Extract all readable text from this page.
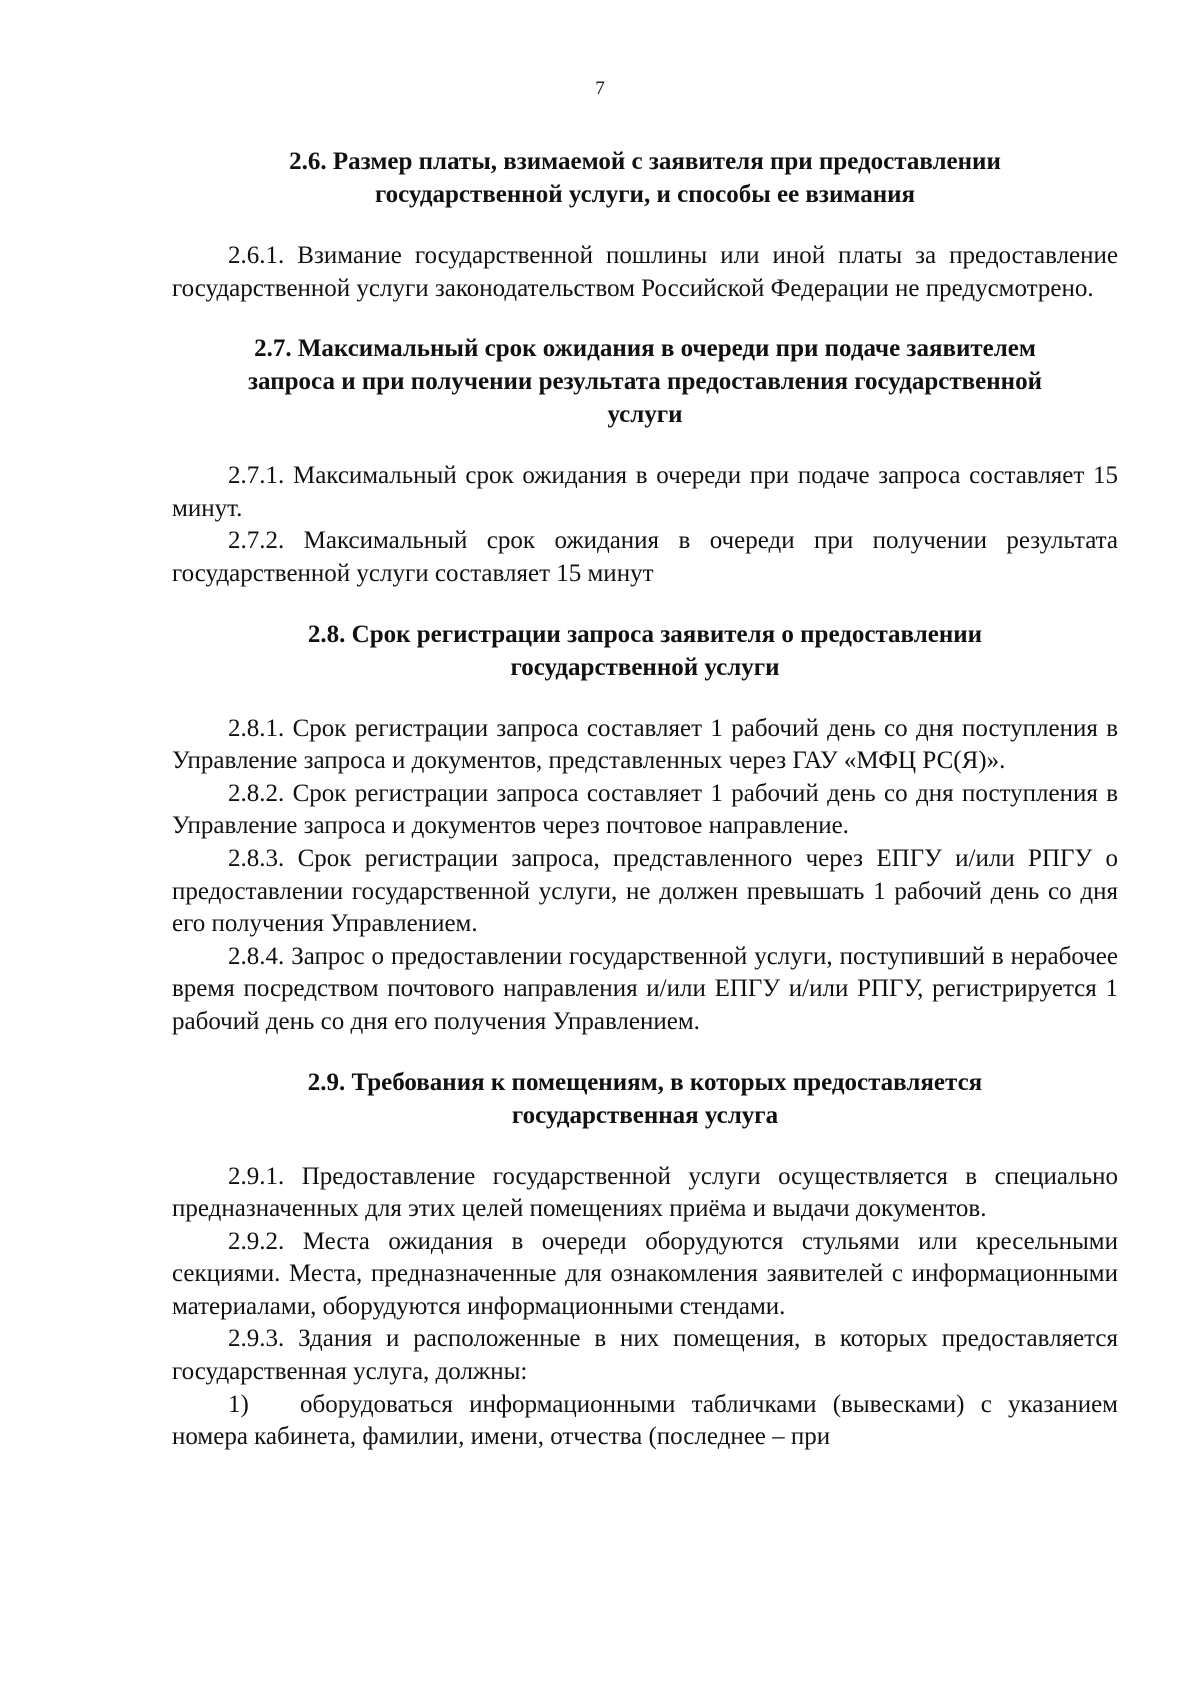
7
2.6. Размер платы, взимаемой с заявителя при предоставлении
государственной услуги, и способы ее взимания

2.6.1. Взимание государственной пошлины или иной платы за предоставление государственной услуги законодательством Российской Федерации не предусмотрено.

2.7. Максимальный срок ожидания в очереди при подаче заявителем
запроса и при получении результата предоставления государственной
услуги

2.7.1. Максимальный срок ожидания в очереди при подаче запроса составляет 15 минут.

2.7.2. Максимальный срок ожидания в очереди при получении результата государственной услуги составляет 15 минут

2.8. Срок регистрации запроса заявителя о предоставлении
государственной услуги

2.8.1. Срок регистрации запроса составляет 1 рабочий день со дня поступления в Управление запроса и документов, представленных через ГАУ «МФЦ РС(Я)».

2.8.2. Срок регистрации запроса составляет 1 рабочий день со дня поступления в Управление запроса и документов через почтовое направление.

2.8.3. Срок регистрации запроса, представленного через ЕПГУ и/или РПГУ о предоставлении государственной услуги, не должен превышать 1 рабочий день со дня его получения Управлением.

2.8.4. Запрос о предоставлении государственной услуги, поступивший в нерабочее время посредством почтового направления и/или ЕПГУ и/или РПГУ, регистрируется 1 рабочий день со дня его получения Управлением.

2.9. Требования к помещениям, в которых предоставляется
государственная услуга

2.9.1. Предоставление государственной услуги осуществляется в специально предназначенных для этих целей помещениях приёма и выдачи документов.

2.9.2. Места ожидания в очереди оборудуются стульями или кресельными секциями. Места, предназначенные для ознакомления заявителей с информационными материалами, оборудуются информационными стендами.

2.9.3. Здания и расположенные в них помещения, в которых предоставляется государственная услуга, должны:

1) оборудоваться информационными табличками (вывесками) с указанием номера кабинета, фамилии, имени, отчества (последнее – при
